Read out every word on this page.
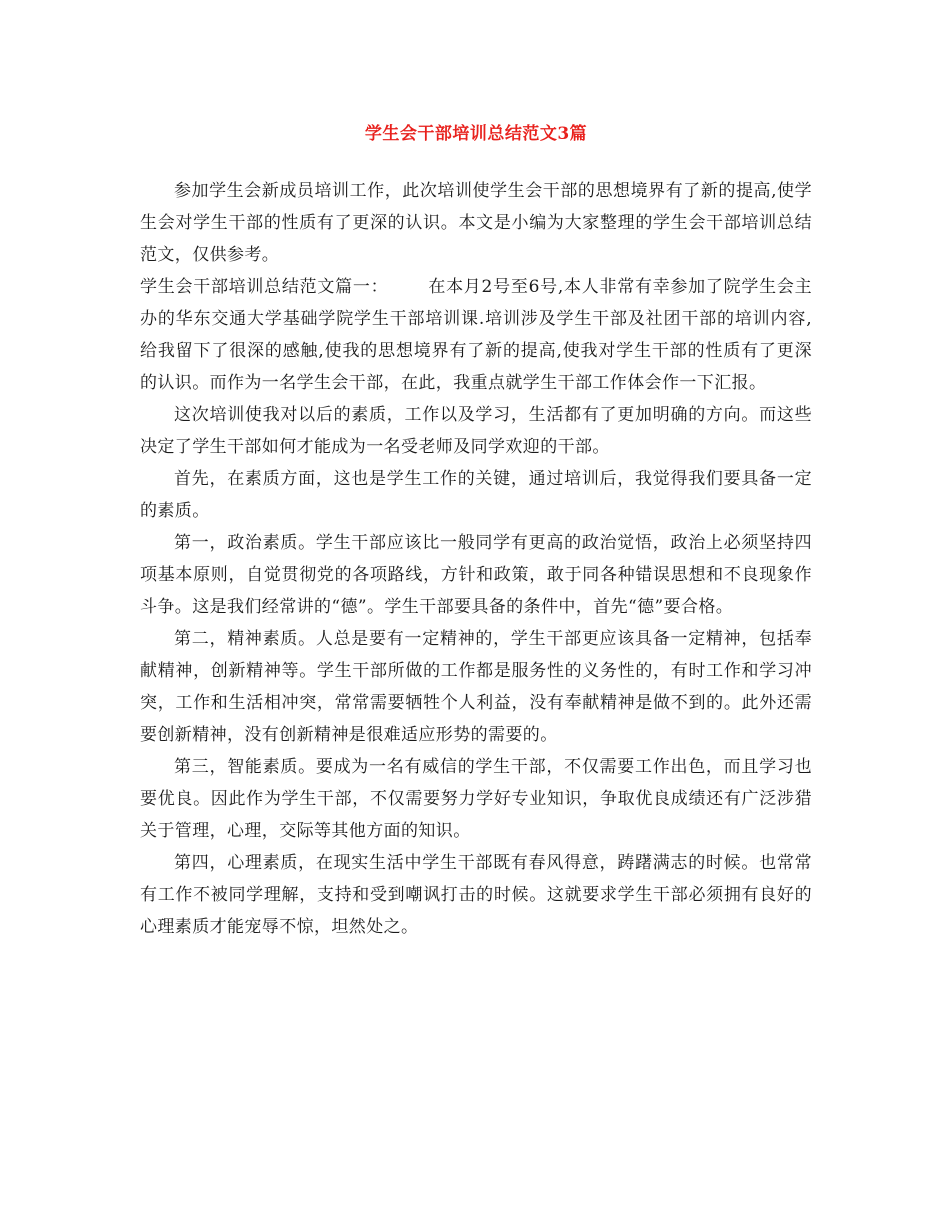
学生会干部培训总结范文3篇

参加学生会新成员培训工作，此次培训使学生会干部的思想境界有了新的提高,使学生会对学生干部的性质有了更深的认识。本文是小编为大家整理的学生会干部培训总结范文，仅供参考。

学生会干部培训总结范文篇一： 在本月2号至6号,本人非常有幸参加了院学生会主办的华东交通大学基础学院学生干部培训课.培训涉及学生干部及社团干部的培训内容,给我留下了很深的感触,使我的思想境界有了新的提高,使我对学生干部的性质有了更深的认识。而作为一名学生会干部，在此，我重点就学生干部工作体会作一下汇报。

这次培训使我对以后的素质，工作以及学习，生活都有了更加明确的方向。而这些决定了学生干部如何才能成为一名受老师及同学欢迎的干部。

首先，在素质方面，这也是学生工作的关键，通过培训后，我觉得我们要具备一定的素质。

第一，政治素质。学生干部应该比一般同学有更高的政治觉悟，政治上必须坚持四项基本原则，自觉贯彻党的各项路线，方针和政策，敢于同各种错误思想和不良现象作斗争。这是我们经常讲的“德”。学生干部要具备的条件中，首先“德”要合格。

第二，精神素质。人总是要有一定精神的，学生干部更应该具备一定精神，包括奉献精神，创新精神等。学生干部所做的工作都是服务性的义务性的，有时工作和学习冲突，工作和生活相冲突，常常需要牺牲个人利益，没有奉献精神是做不到的。此外还需要创新精神，没有创新精神是很难适应形势的需要的。

第三，智能素质。要成为一名有威信的学生干部，不仅需要工作出色，而且学习也要优良。因此作为学生干部，不仅需要努力学好专业知识，争取优良成绩还有广泛涉猎关于管理，心理，交际等其他方面的知识。

第四，心理素质，在现实生活中学生干部既有春风得意，踌躇满志的时候。也常常有工作不被同学理解，支持和受到嘲讽打击的时候。这就要求学生干部必须拥有良好的心理素质才能宠辱不惊，坦然处之。
